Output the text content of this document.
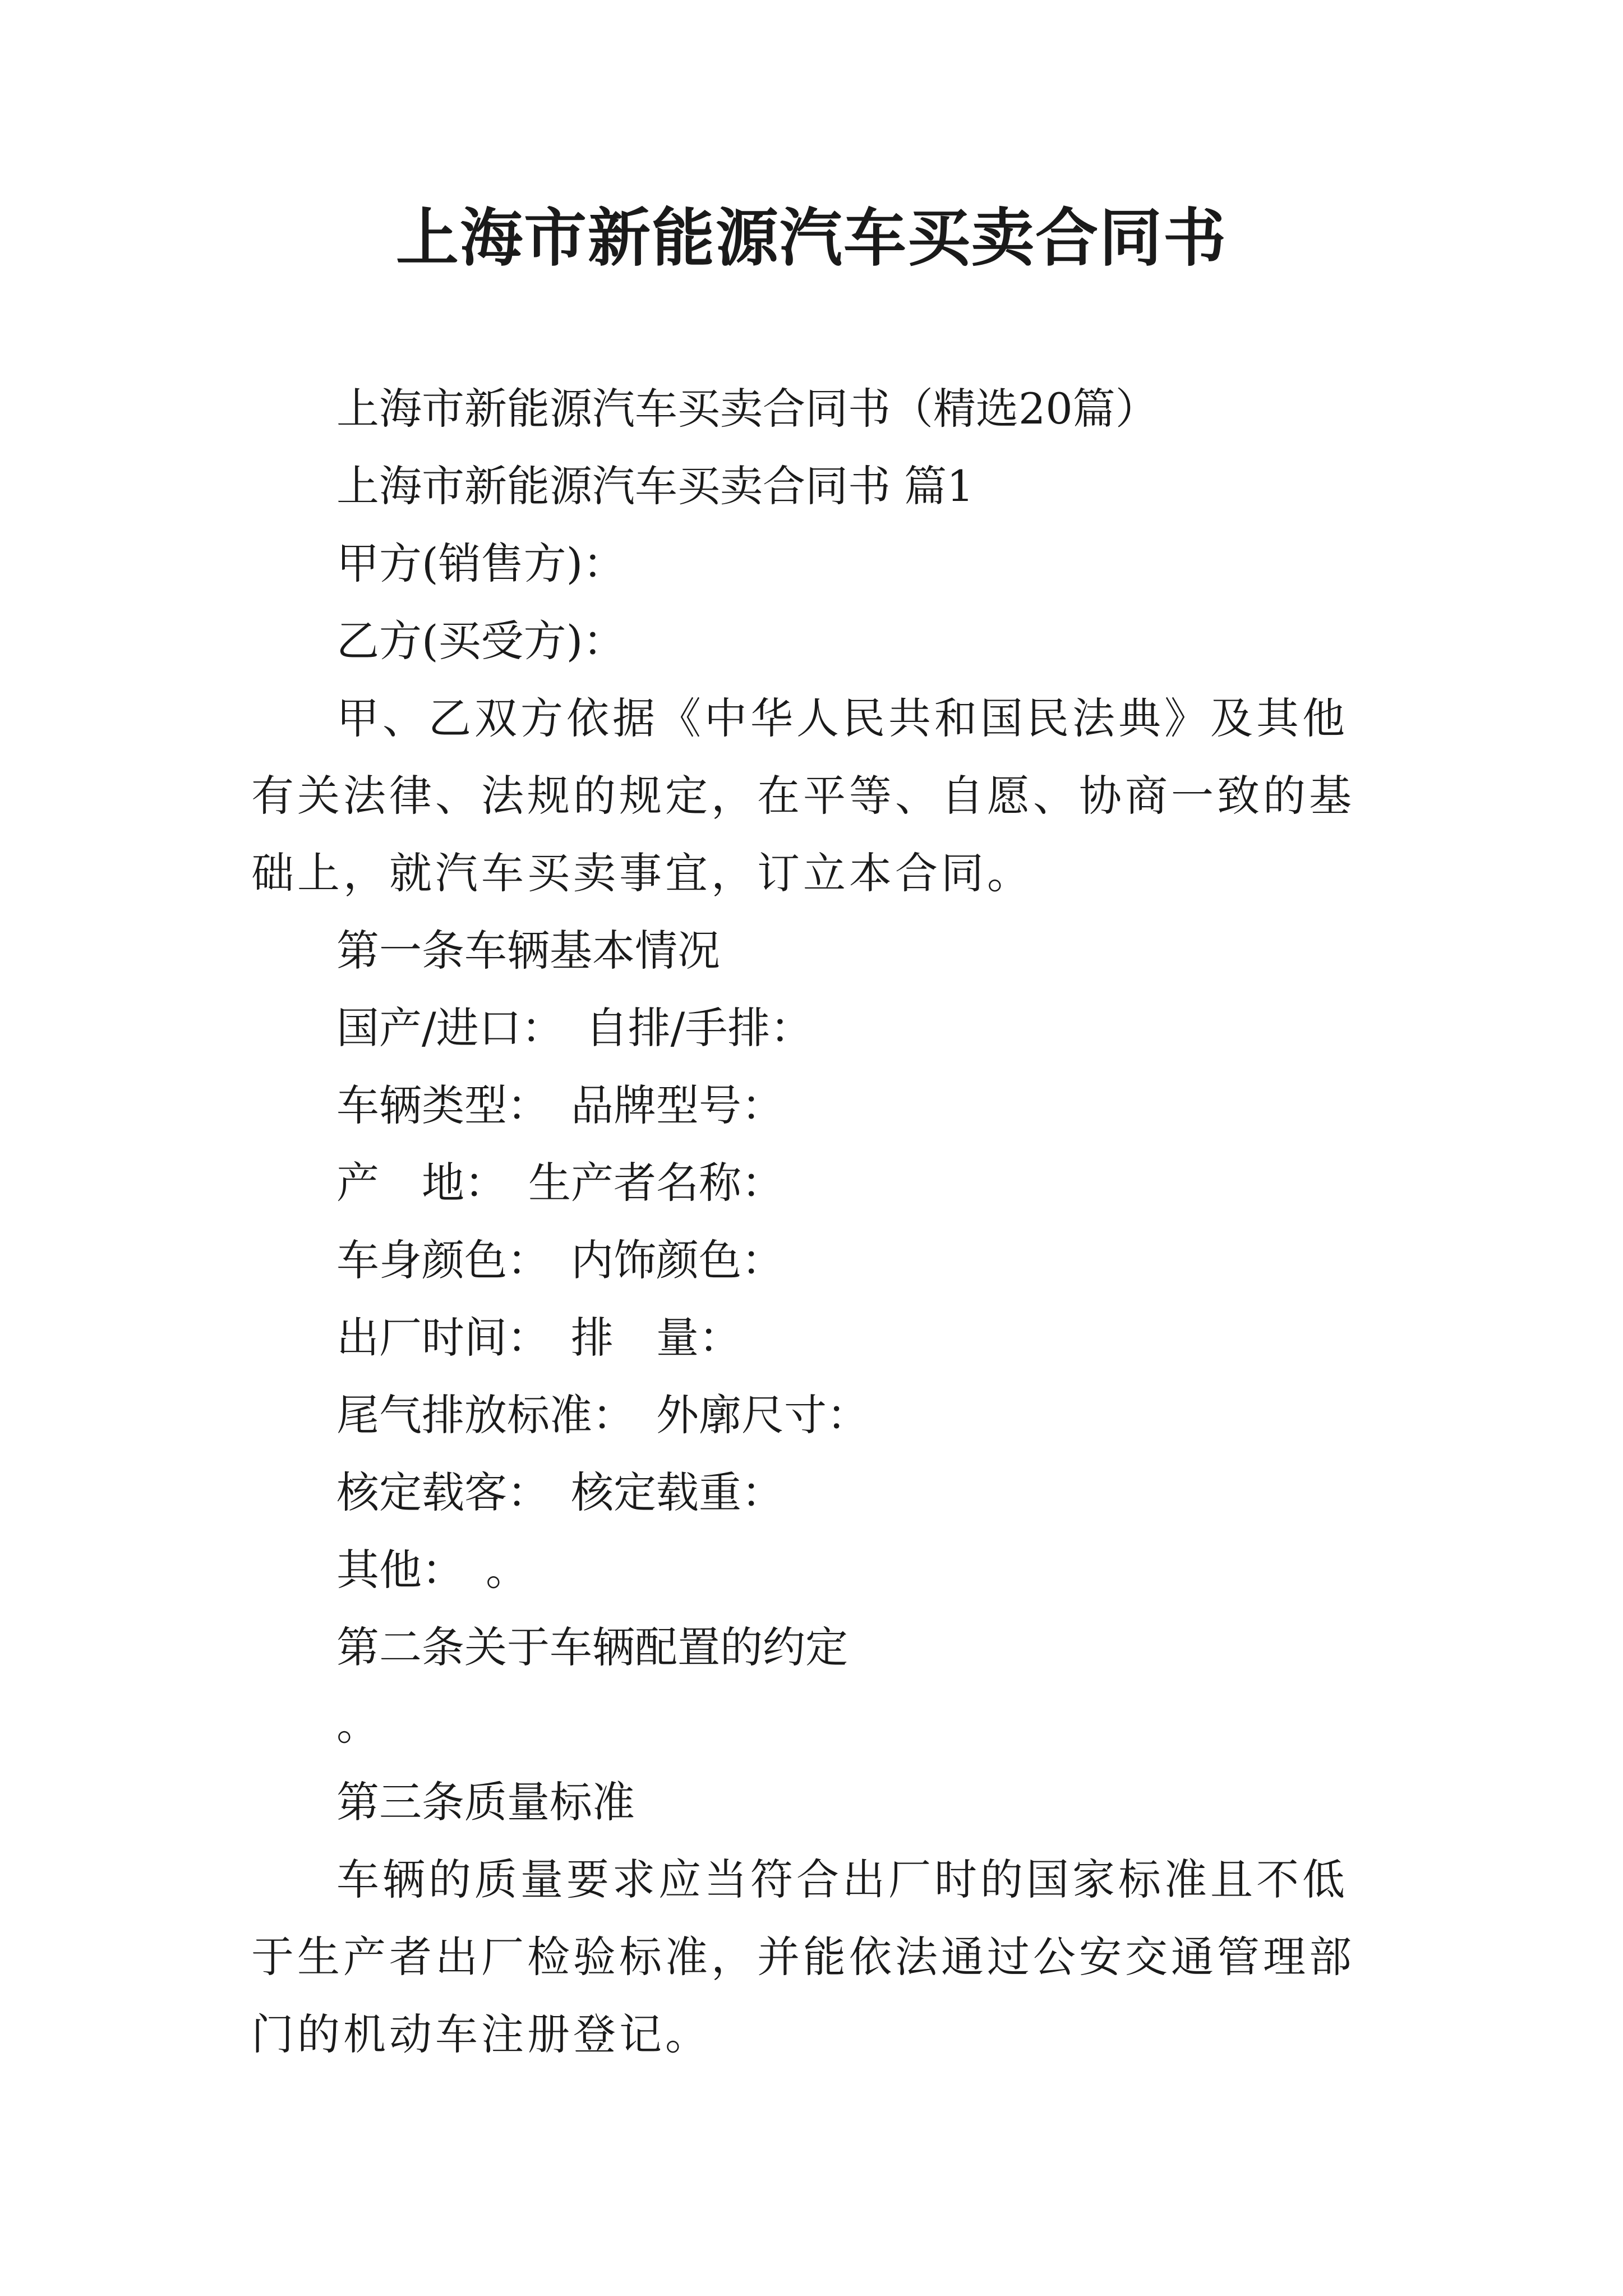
上海市新能源汽车买卖合同书

上海市新能源汽车买卖合同书（精选20篇）

上海市新能源汽车买卖合同书 篇1

甲方(销售方)：

乙方(买受方)：

甲、乙双方依据《中华人民共和国民法典》及其他有关法律、法规的规定，在平等、自愿、协商一致的基础上，就汽车买卖事宜，订立本合同。

第一条车辆基本情况

国产/进口：　自排/手排：

车辆类型：　品牌型号：

产　地：　生产者名称：

车身颜色：　内饰颜色：

出厂时间：　排　量：

尾气排放标准：　外廓尺寸：

核定载客：　核定载重：

其他：　。

第二条关于车辆配置的约定

。

第三条质量标准

车辆的质量要求应当符合出厂时的国家标准且不低于生产者出厂检验标准，并能依法通过公安交通管理部门的机动车注册登记。
